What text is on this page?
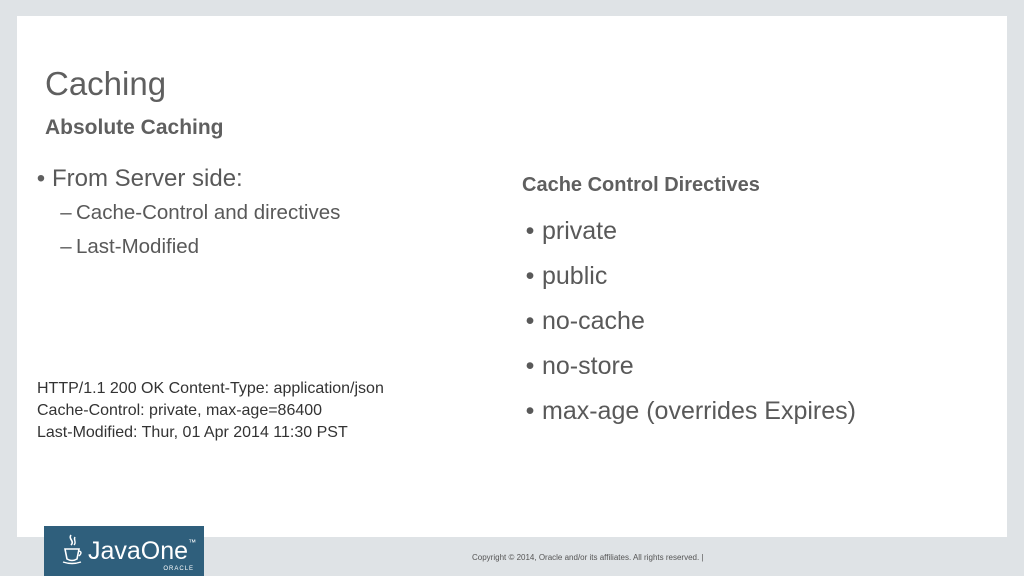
Caching
Absolute Caching
• From Server side:
– Cache-Control and directives
– Last-Modified
HTTP/1.1 200 OK Content-Type: application/json
Cache-Control: private, max-age=86400
Last-Modified: Thur, 01 Apr 2014 11:30 PST
Cache Control Directives
• private
• public
• no-cache
• no-store
• max-age (overrides Expires)
JavaOne™
ORACLE
Copyright © 2014, Oracle and/or its affiliates. All rights reserved. |
